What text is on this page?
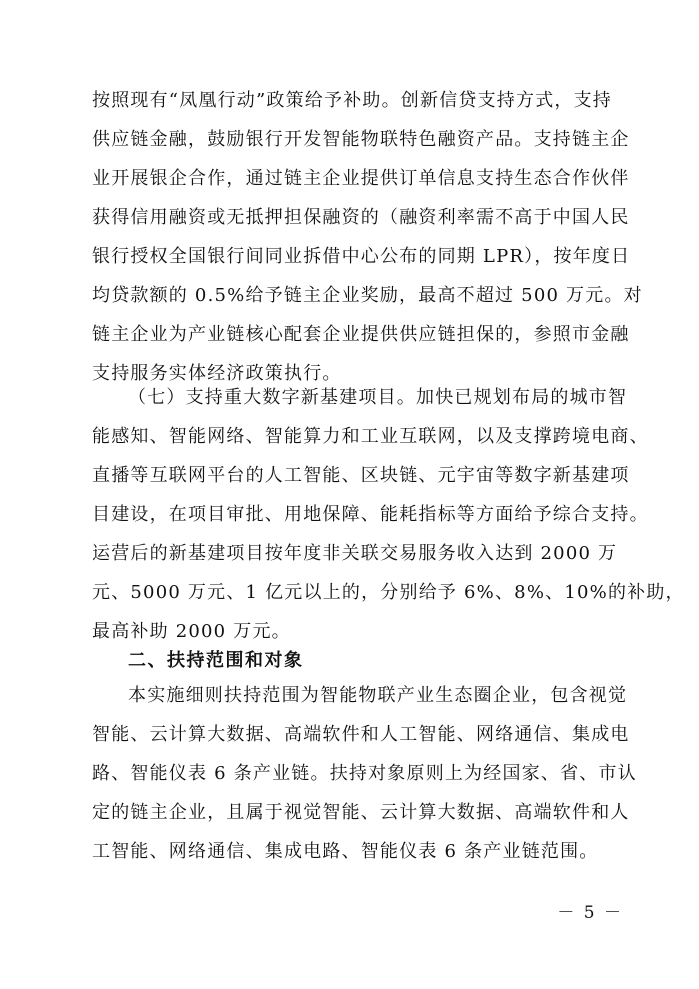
按照现有“凤凰行动”政策给予补助。创新信贷支持方式，支持
供应链金融，鼓励银行开发智能物联特色融资产品。支持链主企
业开展银企合作，通过链主企业提供订单信息支持生态合作伙伴
获得信用融资或无抵押担保融资的（融资利率需不高于中国人民
银行授权全国银行间同业拆借中心公布的同期 LPR），按年度日
均贷款额的 0.5%给予链主企业奖励，最高不超过 500 万元。对
链主企业为产业链核心配套企业提供供应链担保的，参照市金融
支持服务实体经济政策执行。
（七）支持重大数字新基建项目。加快已规划布局的城市智
能感知、智能网络、智能算力和工业互联网，以及支撑跨境电商、
直播等互联网平台的人工智能、区块链、元宇宙等数字新基建项
目建设，在项目审批、用地保障、能耗指标等方面给予综合支持。
运营后的新基建项目按年度非关联交易服务收入达到 2000 万
元、5000 万元、1 亿元以上的，分别给予 6%、8%、10%的补助，
最高补助 2000 万元。
二、扶持范围和对象
本实施细则扶持范围为智能物联产业生态圈企业，包含视觉
智能、云计算大数据、高端软件和人工智能、网络通信、集成电
路、智能仪表 6 条产业链。扶持对象原则上为经国家、省、市认
定的链主企业，且属于视觉智能、云计算大数据、高端软件和人
工智能、网络通信、集成电路、智能仪表 6 条产业链范围。
－ 5 －
